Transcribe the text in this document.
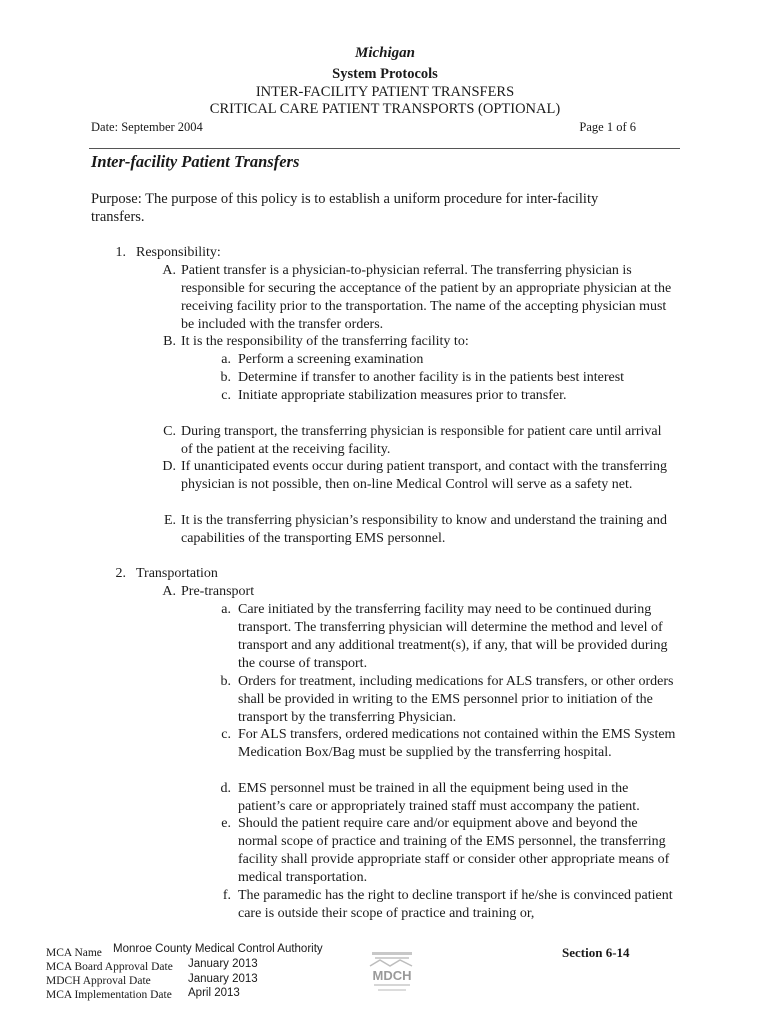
Michigan
System Protocols
INTER-FACILITY PATIENT TRANSFERS
CRITICAL CARE PATIENT TRANSPORTS (OPTIONAL)
Date: September 2004	Page 1 of 6
Inter-facility Patient Transfers
Purpose: The purpose of this policy is to establish a uniform procedure for inter-facility transfers.
1. Responsibility:
A. Patient transfer is a physician-to-physician referral. The transferring physician is responsible for securing the acceptance of the patient by an appropriate physician at the receiving facility prior to the transportation. The name of the accepting physician must be included with the transfer orders.
B. It is the responsibility of the transferring facility to:
a. Perform a screening examination
b. Determine if transfer to another facility is in the patients best interest
c. Initiate appropriate stabilization measures prior to transfer.
C. During transport, the transferring physician is responsible for patient care until arrival of the patient at the receiving facility.
D. If unanticipated events occur during patient transport, and contact with the transferring physician is not possible, then on-line Medical Control will serve as a safety net.
E. It is the transferring physician’s responsibility to know and understand the training and capabilities of the transporting EMS personnel.
2. Transportation
A. Pre-transport
a. Care initiated by the transferring facility may need to be continued during transport. The transferring physician will determine the method and level of transport and any additional treatment(s), if any, that will be provided during the course of transport.
b. Orders for treatment, including medications for ALS transfers, or other orders shall be provided in writing to the EMS personnel prior to initiation of the transport by the transferring Physician.
c. For ALS transfers, ordered medications not contained within the EMS System Medication Box/Bag must be supplied by the transferring hospital.
d. EMS personnel must be trained in all the equipment being used in the patient’s care or appropriately trained staff must accompany the patient.
e. Should the patient require care and/or equipment above and beyond the normal scope of practice and training of the EMS personnel, the transferring facility shall provide appropriate staff or consider other appropriate means of medical transportation.
f. The paramedic has the right to decline transport if he/she is convinced patient care is outside their scope of practice and training or,
MCA Name Monroe County Medical Control Authority
MCA Board Approval Date January 2013
MDCH Approval Date	January 2013
MCA Implementation Date April 2013
Section 6-14
MDCH
